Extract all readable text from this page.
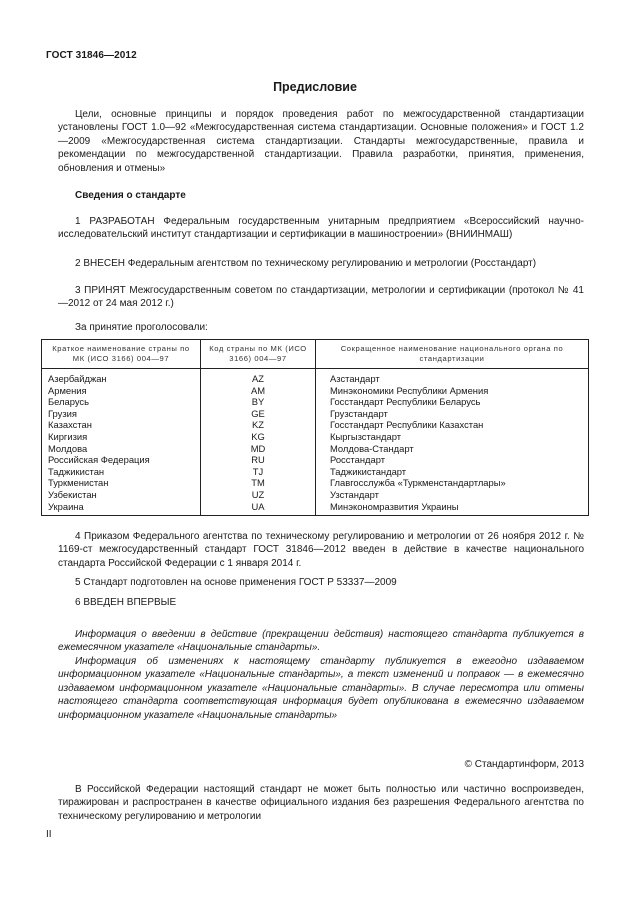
ГОСТ 31846—2012
Предисловие

Цели, основные принципы и порядок проведения работ по межгосударственной стандартизации установлены ГОСТ 1.0—92 «Межгосударственная система стандартизации. Основные положения» и ГОСТ 1.2—2009 «Межгосударственная система стандартизации. Стандарты межгосударственные, правила и рекомендации по межгосударственной стандартизации. Правила разработки, принятия, применения, обновления и отмены»

Сведения о стандарте

1 РАЗРАБОТАН Федеральным государственным унитарным предприятием «Всероссийский научно-исследовательский институт стандартизации и сертификации в машиностроении» (ВНИИНМАШ)

2 ВНЕСЕН Федеральным агентством по техническому регулированию и метрологии (Росстандарт)

3 ПРИНЯТ Межгосударственным советом по стандартизации, метрологии и сертификации (протокол № 41—2012 от 24 мая 2012 г.)

За принятие проголосовали:
Краткое наименование страны по МК (ИСО 3166) 004—97	Код страны по МК (ИСО 3166) 004—97	Сокращенное наименование национального органа по стандартизации
Азербайджан	AZ	Азстандарт
Армения	AM	Минэкономики Республики Армения
Беларусь	BY	Госстандарт Республики Беларусь
Грузия	GE	Грузстандарт
Казахстан	KZ	Госстандарт Республики Казахстан
Киргизия	KG	Кыргызстандарт
Молдова	MD	Молдова-Стандарт
Российская Федерация	RU	Росстандарт
Таджикистан	TJ	Таджикистандарт
Туркменистан	TM	Главгосслужба «Туркменстандартлары»
Узбекистан	UZ	Узстандарт
Украина	UA	Минэкономразвития Украины

4 Приказом Федерального агентства по техническому регулированию и метрологии от 26 ноября 2012 г. № 1169-ст межгосударственный стандарт ГОСТ 31846—2012 введен в действие в качестве национального стандарта Российской Федерации с 1 января 2014 г.

5 Стандарт подготовлен на основе применения ГОСТ Р 53337—2009

6 ВВЕДЕН ВПЕРВЫЕ

Информация о введении в действие (прекращении действия) настоящего стандарта публикуется в ежемесячном указателе «Национальные стандарты».

Информация об изменениях к настоящему стандарту публикуется в ежегодно издаваемом информационном указателе «Национальные стандарты», а текст изменений и поправок — в ежемесячно издаваемом информационном указателе «Национальные стандарты». В случае пересмотра или отмены настоящего стандарта соответствующая информация будет опубликована в ежемесячно издаваемом информационном указателе «Национальные стандарты»

© Стандартинформ, 2013

В Российской Федерации настоящий стандарт не может быть полностью или частично воспроизведен, тиражирован и распространен в качестве официального издания без разрешения Федерального агентства по техническому регулированию и метрологии

II
